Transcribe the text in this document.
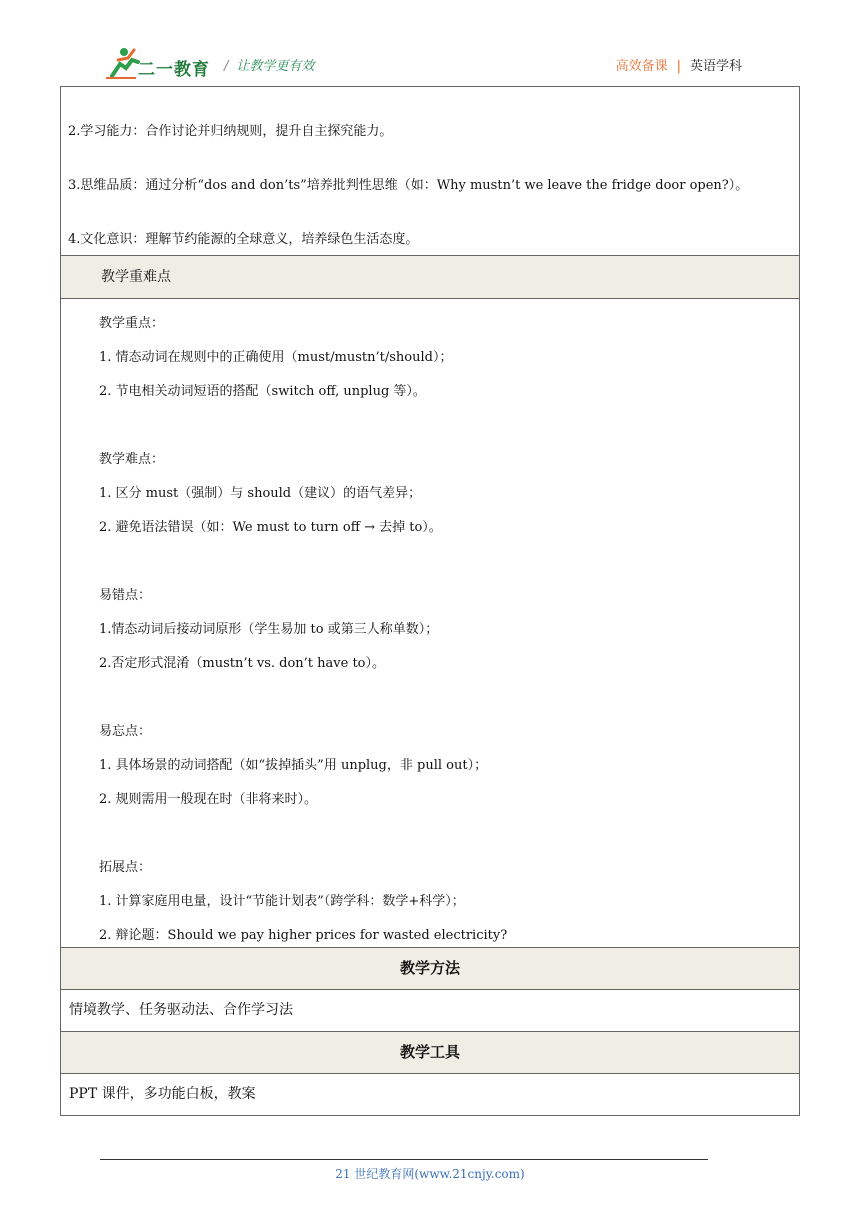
二一教育 / 让教学更有效	高效备课 | 英语学科
2.学习能力：合作讨论并归纳规则，提升自主探究能力。
3.思维品质：通过分析“dos and don’ts”培养批判性思维（如：Why mustn’t we leave the fridge door open?）。
4.文化意识：理解节约能源的全球意义，培养绿色生活态度。

教学重难点

教学重点：
1. 情态动词在规则中的正确使用（must/mustn’t/should）；
2. 节电相关动词短语的搭配（switch off, unplug 等）。
教学难点：
1. 区分 must（强制）与 should（建议）的语气差异；
2. 避免语法错误（如：We must to turn off → 去掉 to）。
易错点：
1.情态动词后接动词原形（学生易加 to 或第三人称单数）；
2.否定形式混淆（mustn’t vs. don’t have to）。
易忘点：
1. 具体场景的动词搭配（如“拔掉插头”用 unplug，非 pull out）；
2. 规则需用一般现在时（非将来时）。
拓展点：
1. 计算家庭用电量，设计“节能计划表”（跨学科：数学+科学）；
2. 辩论题：Should we pay higher prices for wasted electricity?

教学方法
情境教学、任务驱动法、合作学习法
教学工具
PPT 课件，多功能白板，教案
21 世纪教育网(www.21cnjy.com)
